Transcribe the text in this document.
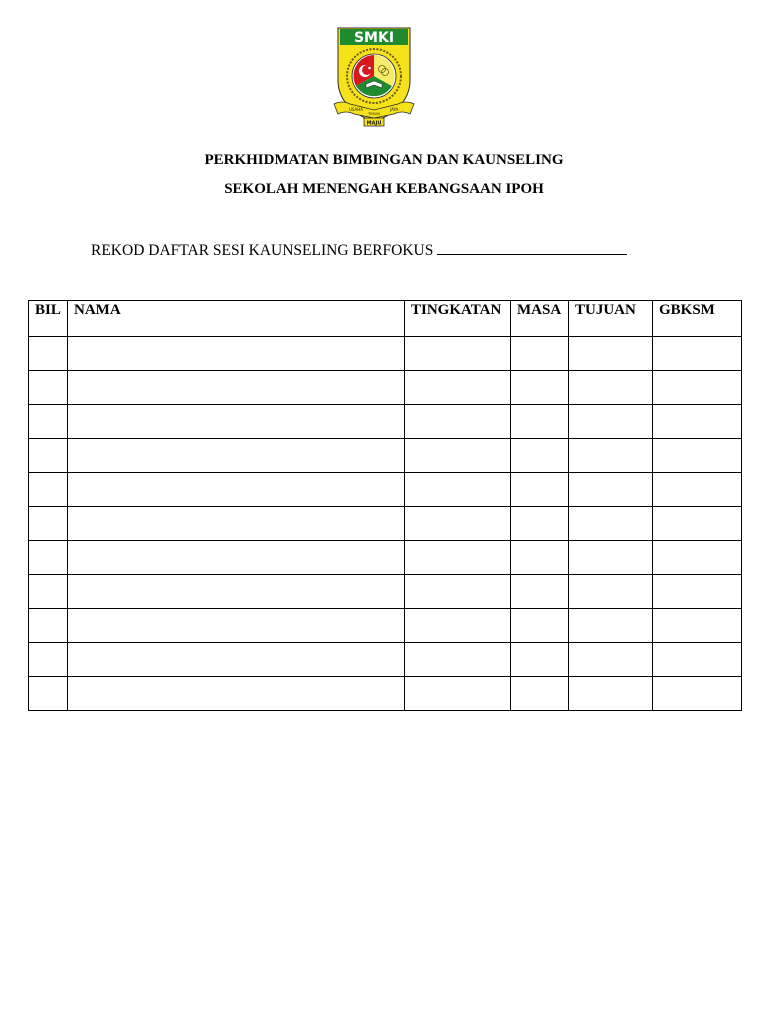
SMKI
USAHA
TEKUN
JAYA
MAJU
PERKHIDMATAN BIMBINGAN DAN KAUNSELING
SEKOLAH MENENGAH KEBANGSAAN IPOH
REKOD DAFTAR SESI KAUNSELING BERFOKUS
BIL	NAMA	TINGKATAN	MASA	TUJUAN	GBKSM
